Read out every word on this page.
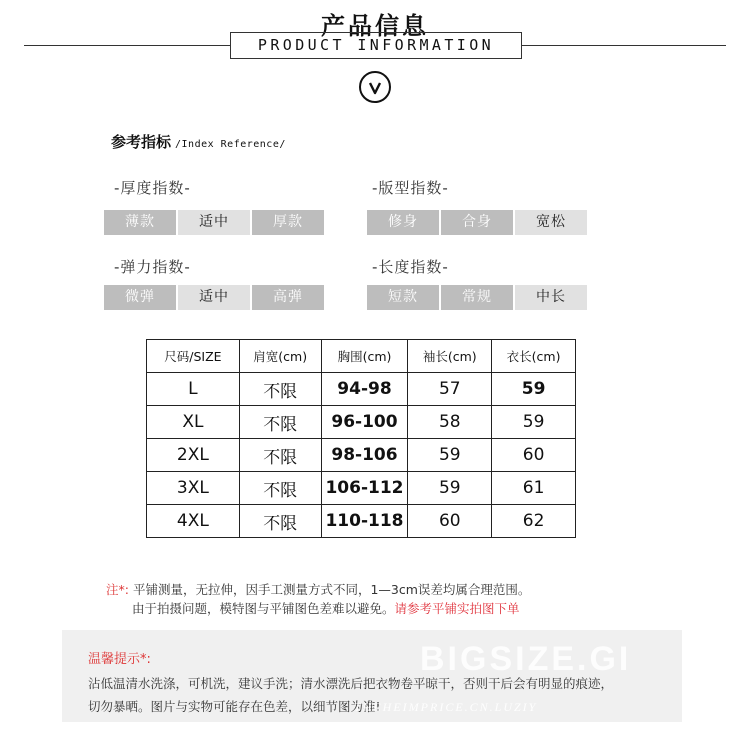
产品信息
PRODUCT INFORMATION
参考指标 /Index Reference/
-厚度指数-
薄款	适中	厚款
-版型指数-
修身	合身	宽松
-弹力指数-
微弹	适中	高弹
-长度指数-
短款	常规	中长
尺码/SIZE	肩宽(cm)	胸围(cm)	袖长(cm)	衣长(cm)
L	不限	94-98	57	59
XL	不限	96-100	58	59
2XL	不限	98-106	59	60
3XL	不限	106-112	59	61
4XL	不限	110-118	60	62
注*: 平铺测量，无拉伸，因手工测量方式不同，1—3cm误差均属合理范围。
由于拍摄问题，模特图与平铺图色差难以避免。请参考平铺实拍图下单
温馨提示*:
沾低温清水洗涤，可机洗，建议手洗；清水漂洗后把衣物卷平晾干，否则干后会有明显的痕迹，
切勿暴晒。图片与实物可能存在色差，以细节图为准!
BIGSIZE.GI
THEHEIMPRICE.CN.LUZIY
